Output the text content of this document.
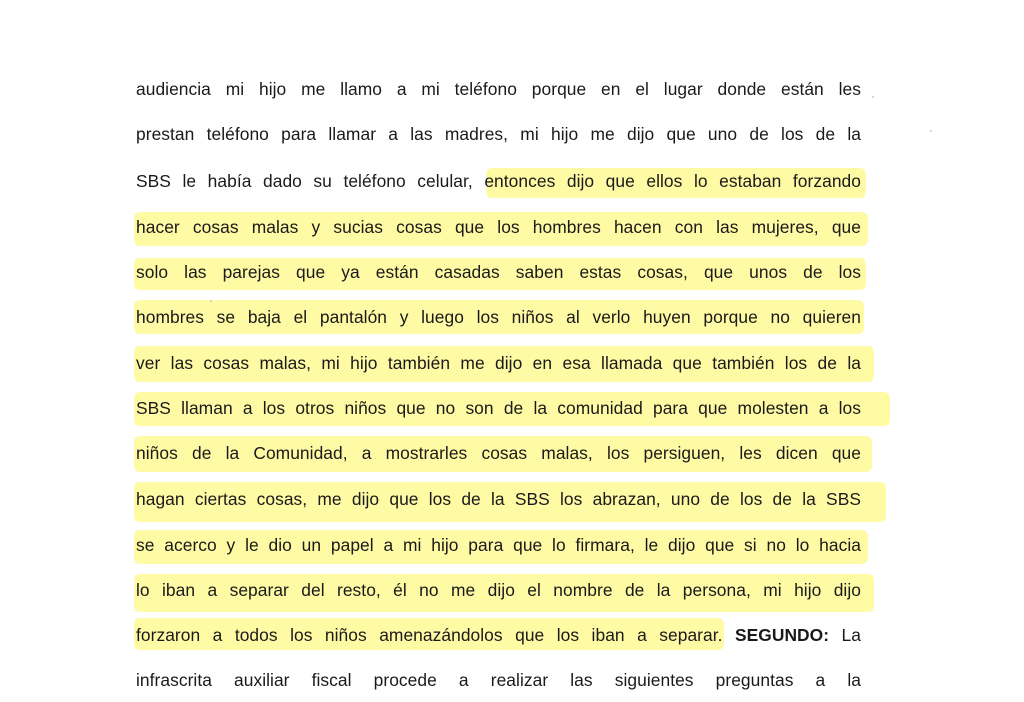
audiencia mi hijo me llamo a mi teléfono porque en el lugar donde están les
prestan teléfono para llamar a las madres, mi hijo me dijo que uno de los de la
SBS le había dado su teléfono celular, entonces dijo que ellos lo estaban forzando
hacer cosas malas y sucias cosas que los hombres hacen con las mujeres, que
solo las parejas que ya están casadas saben estas cosas, que unos de los
hombres se baja el pantalón y luego los niños al verlo huyen porque no quieren
ver las cosas malas, mi hijo también me dijo en esa llamada que también los de la
SBS llaman a los otros niños que no son de la comunidad para que molesten a los
niños de la Comunidad, a mostrarles cosas malas, los persiguen, les dicen que
hagan ciertas cosas, me dijo que los de la SBS los abrazan, uno de los de la SBS
se acerco y le dio un papel a mi hijo para que lo firmara, le dijo que si no lo hacia
lo iban a separar del resto, él no me dijo el nombre de la persona, mi hijo dijo
forzaron a todos los niños amenazándolos que los iban a separar. SEGUNDO: La
infrascrita auxiliar fiscal procede a realizar las siguientes preguntas a la
